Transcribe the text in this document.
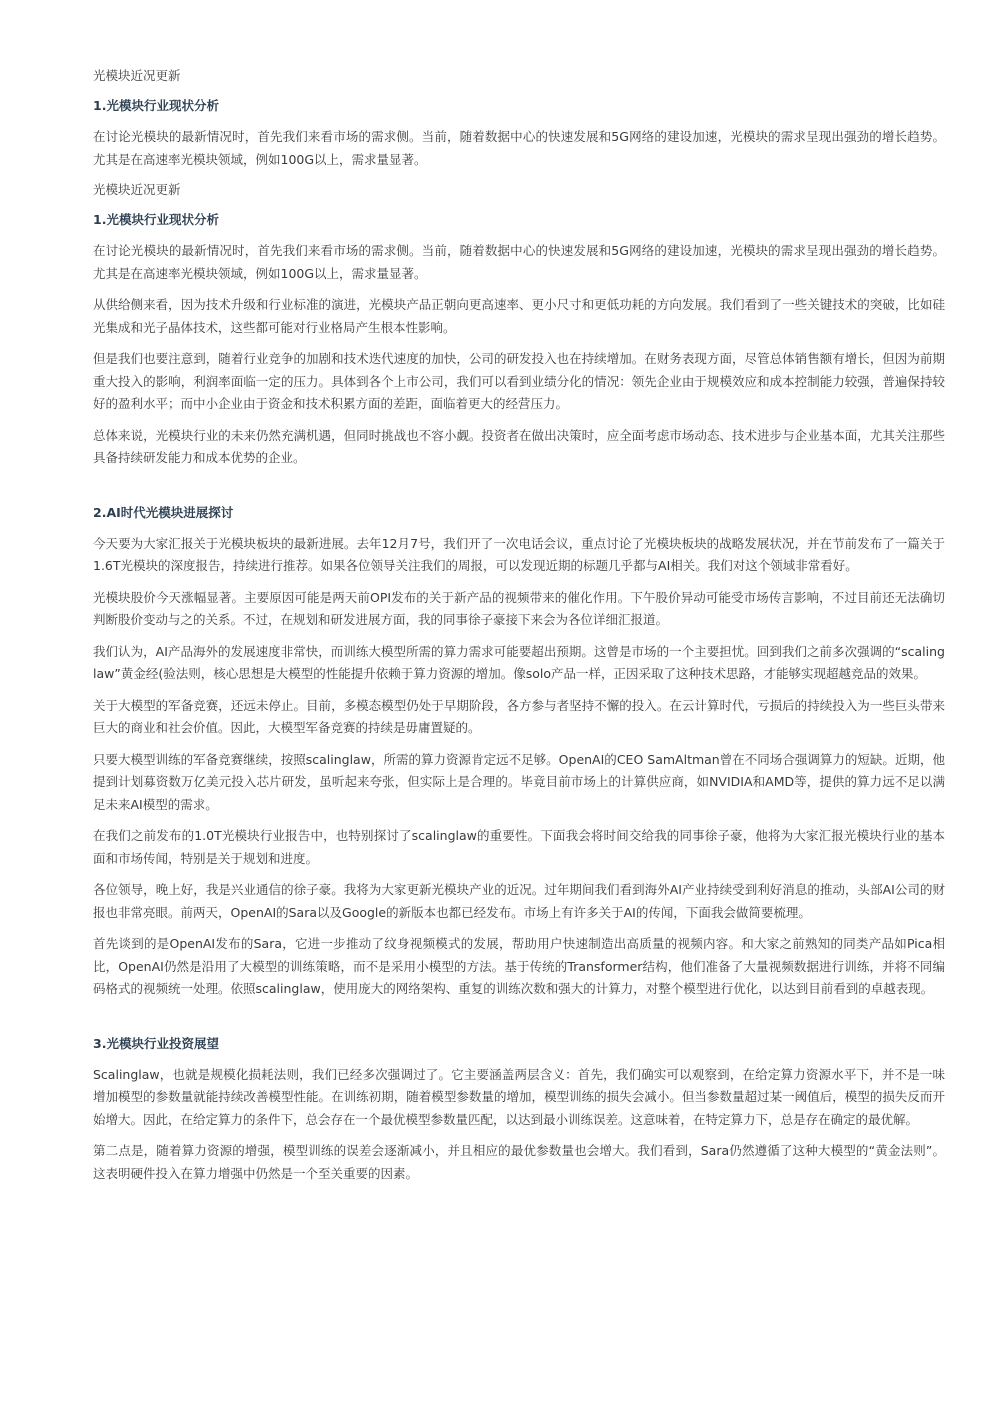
光模块近况更新
1.光模块行业现状分析

在讨论光模块的最新情况时，首先我们来看市场的需求侧。当前，随着数据中心的快速发展和5G网络的建设加速，光模块的需求呈现出强劲的增长趋势。尤其是在高速率光模块领域，例如100G以上，需求量显著。

光模块近况更新
1.光模块行业现状分析

在讨论光模块的最新情况时，首先我们来看市场的需求侧。当前，随着数据中心的快速发展和5G网络的建设加速，光模块的需求呈现出强劲的增长趋势。尤其是在高速率光模块领域，例如100G以上，需求量显著。

从供给侧来看，因为技术升级和行业标准的演进，光模块产品正朝向更高速率、更小尺寸和更低功耗的方向发展。我们看到了一些关键技术的突破，比如硅光集成和光子晶体技术，这些都可能对行业格局产生根本性影响。

但是我们也要注意到，随着行业竞争的加剧和技术迭代速度的加快，公司的研发投入也在持续增加。在财务表现方面，尽管总体销售额有增长，但因为前期重大投入的影响，利润率面临一定的压力。具体到各个上市公司，我们可以看到业绩分化的情况：领先企业由于规模效应和成本控制能力较强，普遍保持较好的盈利水平；而中小企业由于资金和技术积累方面的差距，面临着更大的经营压力。

总体来说，光模块行业的未来仍然充满机遇，但同时挑战也不容小觑。投资者在做出决策时，应全面考虑市场动态、技术进步与企业基本面，尤其关注那些具备持续研发能力和成本优势的企业。

2.AI时代光模块进展探讨

今天要为大家汇报关于光模块板块的最新进展。去年12月7号，我们开了一次电话会议，重点讨论了光模块板块的战略发展状况，并在节前发布了一篇关于1.6T光模块的深度报告，持续进行推荐。如果各位领导关注我们的周报，可以发现近期的标题几乎都与AI相关。我们对这个领域非常看好。

光模块股价今天涨幅显著。主要原因可能是两天前OPI发布的关于新产品的视频带来的催化作用。下午股价异动可能受市场传言影响，不过目前还无法确切判断股价变动与之的关系。不过，在规划和研发进展方面，我的同事徐子豪接下来会为各位详细汇报道。

我们认为，AI产品海外的发展速度非常快，而训练大模型所需的算力需求可能要超出预期。这曾是市场的一个主要担忧。回到我们之前多次强调的“scalinglaw”黄金经(验法则，核心思想是大模型的性能提升依赖于算力资源的增加。像solo产品一样，正因采取了这种技术思路，才能够实现超越竞品的效果。

关于大模型的军备竞赛，还远未停止。目前，多模态模型仍处于早期阶段，各方参与者坚持不懈的投入。在云计算时代，亏损后的持续投入为一些巨头带来巨大的商业和社会价值。因此，大模型军备竞赛的持续是毋庸置疑的。

只要大模型训练的军备竞赛继续，按照scalinglaw，所需的算力资源肯定远不足够。OpenAI的CEO SamAltman曾在不同场合强调算力的短缺。近期，他提到计划募资数万亿美元投入芯片研发，虽听起来夸张，但实际上是合理的。毕竟目前市场上的计算供应商，如NVIDIA和AMD等，提供的算力远不足以满足未来AI模型的需求。

在我们之前发布的1.0T光模块行业报告中，也特别探讨了scalinglaw的重要性。下面我会将时间交给我的同事徐子豪，他将为大家汇报光模块行业的基本面和市场传闻，特别是关于规划和进度。

各位领导，晚上好，我是兴业通信的徐子豪。我将为大家更新光模块产业的近况。过年期间我们看到海外AI产业持续受到利好消息的推动，头部AI公司的财报也非常亮眼。前两天，OpenAI的Sara以及Google的新版本也都已经发布。市场上有许多关于AI的传闻，下面我会做简要梳理。

首先谈到的是OpenAI发布的Sara，它进一步推动了纹身视频模式的发展，帮助用户快速制造出高质量的视频内容。和大家之前熟知的同类产品如Pica相比，OpenAI仍然是沿用了大模型的训练策略，而不是采用小模型的方法。基于传统的Transformer结构，他们准备了大量视频数据进行训练，并将不同编码格式的视频统一处理。依照scalinglaw，使用庞大的网络架构、重复的训练次数和强大的计算力，对整个模型进行优化，以达到目前看到的卓越表现。

3.光模块行业投资展望

Scalinglaw，也就是规模化损耗法则，我们已经多次强调过了。它主要涵盖两层含义：首先，我们确实可以观察到，在给定算力资源水平下，并不是一味增加模型的参数量就能持续改善模型性能。在训练初期，随着模型参数量的增加，模型训练的损失会减小。但当参数量超过某一阈值后，模型的损失反而开始增大。因此，在给定算力的条件下，总会存在一个最优模型参数量匹配，以达到最小训练误差。这意味着，在特定算力下，总是存在确定的最优解。

第二点是，随着算力资源的增强，模型训练的误差会逐渐减小，并且相应的最优参数量也会增大。我们看到，Sara仍然遵循了这种大模型的“黄金法则”。这表明硬件投入在算力增强中仍然是一个至关重要的因素。
